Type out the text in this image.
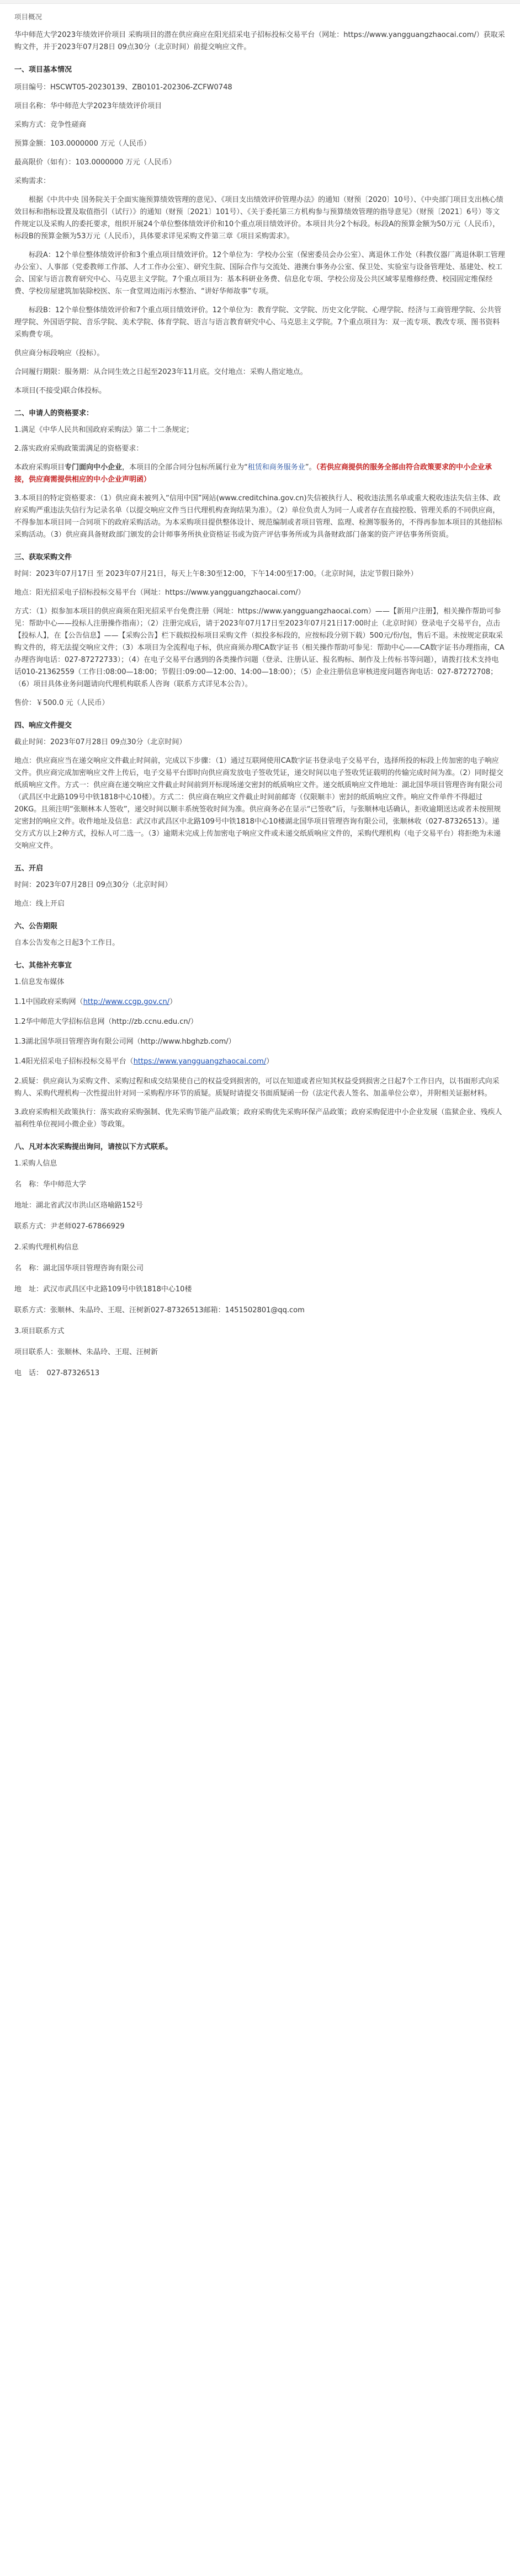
项目概况

华中师范大学2023年绩效评价项目 采购项目的潜在供应商应在阳光招采电子招标投标交易平台（网址：https://www.yangguangzhaocai.com/）获取采购文件，并于2023年07月28日 09点30分（北京时间）前提交响应文件。

一、项目基本情况

项目编号：HSCWT05-20230139、ZB0101-202306-ZCFW0748

项目名称：华中师范大学2023年绩效评价项目

采购方式：竞争性磋商

预算金额：103.0000000 万元（人民币）

最高限价（如有）：103.0000000 万元（人民币）

采购需求：

根据《中共中央 国务院关于全面实施预算绩效管理的意见》、《项目支出绩效评价管理办法》的通知（财预〔2020〕10号）、《中央部门项目支出核心绩效目标和指标设置及取值指引（试行）》的通知（财预〔2021〕101号）、《关于委托第三方机构参与预算绩效管理的指导意见》（财预〔2021〕6号）等文件规定以及采购人的委托要求，组织开展24个单位整体绩效评价和10个重点项目绩效评价。本项目共分2个标段。标段A的预算金额为50万元（人民币），标段B的预算金额为53万元（人民币），具体要求详见采购文件第三章《项目采购需求》。

标段A：12个单位整体绩效评价和3个重点项目绩效评价。12个单位为：学校办公室（保密委员会办公室）、离退休工作处（科教仪器厂离退休职工管理办公室）、人事部（党委教师工作部、人才工作办公室）、研究生院、国际合作与交流处、港澳台事务办公室、保卫处、实验室与设备管理处、基建处、校工会、国家与语言教育研究中心、马克思主义学院。7个重点项目为：基本科研业务费、信息化专项、学校公房及公共区域零星维修经费、校园固定维保经费、学校房屋建筑加装除校医、东一食堂周边雨污水整治、“讲好华师故事”专项。

标段B：12个单位整体绩效评价和7个重点项目绩效评价。12个单位为：教育学院、文学院、历史文化学院、心理学院、经济与工商管理学院、公共管理学院、外国语学院、音乐学院、美术学院、体育学院、语言与语言教育研究中心、马克思主义学院。7个重点项目为：双一流专项、教改专项、图书资料采购费专项。

供应商分标段响应（投标）。

合同履行期限：服务期：从合同生效之日起至2023年11月底。交付地点：采购人指定地点。

本项目(不接受)联合体投标。

二、申请人的资格要求：

1.满足《中华人民共和国政府采购法》第二十二条规定；

2.落实政府采购政策需满足的资格要求：

本政府采购项目专门面向中小企业，本项目的全部合同分包标所属行业为“租赁和商务服务业”。（若供应商提供的服务全部由符合政策要求的中小企业承接，供应商需提供相应的中小企业声明函）

3.本项目的特定资格要求：（1）供应商未被列入“信用中国”网站(www.creditchina.gov.cn)失信被执行人、税收违法黑名单或重大税收违法失信主体、政府采购严重违法失信行为记录名单（以提交响应文件当日代理机构查询结果为准）。（2）单位负责人为同一人或者存在直接控股、管理关系的不同供应商，不得参加本项目同一合同项下的政府采购活动。为本采购项目提供整体设计、规范编制或者项目管理、监理、检测等服务的，不得再参加本项目的其他招标采购活动。（3）供应商具备财政部门颁发的会计师事务所执业资格证书或为资产评估事务所或为具备财政部门备案的资产评估事务所资质。

三、获取采购文件

时间：2023年07月17日 至 2023年07月21日，每天上午8:30至12:00，下午14:00至17:00。（北京时间，法定节假日除外）

地点：阳光招采电子招标投标交易平台（网址：https://www.yangguangzhaocai.com/）

方式：（1）拟参加本项目的供应商须在阳光招采平台免费注册（网址：https://www.yangguangzhaocai.com）——【新用户注册】，相关操作帮助可参见：帮助中心——投标人注册操作指南）；（2）注册完成后，请于2023年07月17日至2023年07月21日17:00时止（北京时间）登录电子交易平台，点击【投标人】，在【公告信息】——【采购公告】栏下载拟投标项目采购文件（拟投多标段的，应按标段分别下载）500元/份/包，售后不退。未按规定获取采购文件的，将无法提交响应文件；（3）本项目为全流程电子标，供应商须办理CA数字证书（相关操作帮助可参见：帮助中心——CA数字证书办理指南，CA办理咨询电话：027-87272733）；（4）在电子交易平台遇到的各类操作问题（登录、注册认证、报名购标、制作及上传标书等问题），请拨打技术支持电话010-21362559（工作日:08:00—18:00；节假日:09:00—12:00、14:00—18:00）；（5）企业注册信息审核进度问题咨询电话：027-87272708；（6）项目具体业务问题请向代理机构联系人咨询（联系方式详见本公告）。

售价：￥500.0 元（人民币）

四、响应文件提交

截止时间：2023年07月28日 09点30分（北京时间）

地点：供应商应当在递交响应文件截止时间前，完成以下步骤：（1）通过互联网使用CA数字证书登录电子交易平台，选择所投的标段上传加密的电子响应文件。供应商完成加密响应文件上传后，电子交易平台即时向供应商发放电子签收凭证，递交时间以电子签收凭证载明的传输完成时间为准。（2）同时提交纸质响应文件。方式一：供应商在递交响应文件截止时间前到开标现场递交密封的纸质响应文件。递交纸质响应文件地址：湖北国华项目管理咨询有限公司（武昌区中北路109号中铁1818中心10楼）。方式二：供应商在响应文件截止时间前邮寄（仅限顺丰）密封的纸质响应文件。响应文件单件不得超过20KG。且须注明“张顺林本人签收”，递交时间以顺丰系统签收时间为准。供应商务必在显示“已签收”后，与张顺林电话确认，拒收逾期送达或者未按照规定密封的响应文件。收件地址及信息：武汉市武昌区中北路109号中铁1818中心10楼湖北国华项目管理咨询有限公司，张顺林收（027-87326513）。递交方式方以上2种方式，投标人可二选一。（3）逾期未完成上传加密电子响应文件或未递交纸质响应文件的，采购代理机构（电子交易平台）将拒绝为未递交响应文件。

五、开启

时间：2023年07月28日 09点30分（北京时间）

地点：线上开启

六、公告期限

自本公告发布之日起3个工作日。

七、其他补充事宜

1.信息发布媒体

1.1中国政府采购网（http://www.ccgp.gov.cn/）

1.2华中师范大学招标信息网（http://zb.ccnu.edu.cn/）

1.3湖北国华项目管理咨询有限公司网（http://www.hbghzb.com/）

1.4阳光招采电子招标投标交易平台（https://www.yangguangzhaocai.com/）

2.质疑：供应商认为采购文件、采购过程和成交结果使自己的权益受到损害的，可以在知道或者应知其权益受到损害之日起7个工作日内，以书面形式向采购人、采购代理机构一次性提出针对同一采购程序环节的质疑。质疑时请提交书面质疑函一份（法定代表人签名、加盖单位公章），并附相关证据材料。

3.政府采购相关政策执行：落实政府采购强制、优先采购节能产品政策；政府采购优先采购环保产品政策；政府采购促进中小企业发展（监狱企业、残疾人福利性单位视同小微企业）等政策。

八、凡对本次采购提出询问，请按以下方式联系。

1.采购人信息

名　称：华中师范大学

地址：湖北省武汉市洪山区珞喻路152号

联系方式：尹老师027-67866929

2.采购代理机构信息

名　称：湖北国华项目管理咨询有限公司

地　址：武汉市武昌区中北路109号中铁1818中心10楼

联系方式：张顺林、朱晶玲、王琨、汪树新027-87326513邮箱：1451502801@qq.com

3.项目联系方式

项目联系人：张顺林、朱晶玲、王琨、汪树新

电　话：　027-87326513
